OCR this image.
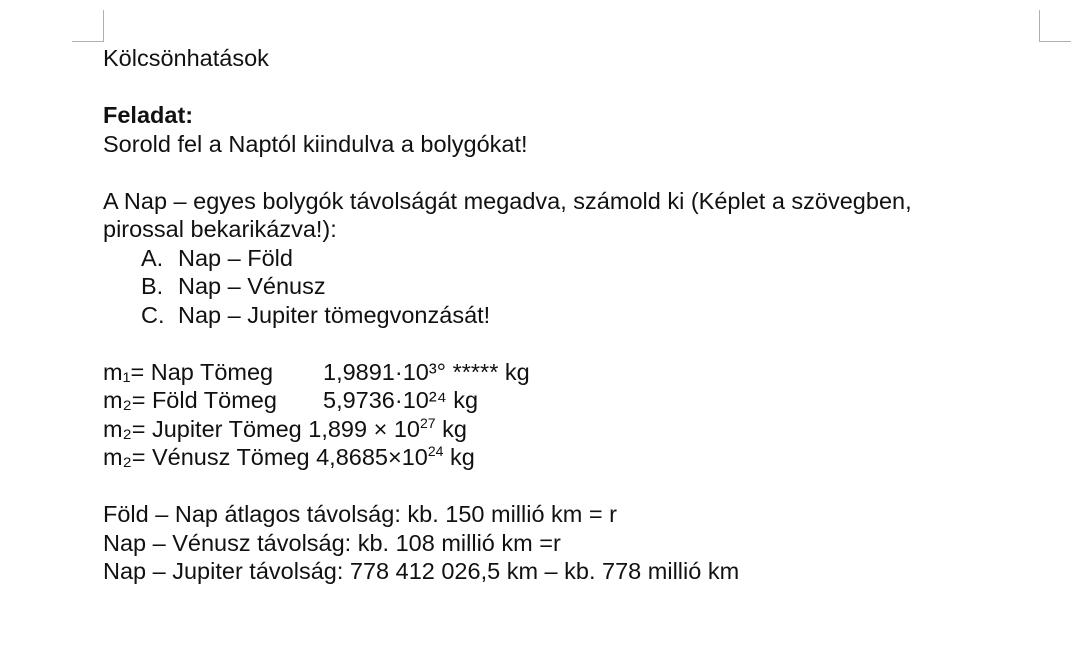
Kölcsönhatások
Feladat:
Sorold fel a Naptól kiindulva a bolygókat!
A Nap – egyes bolygók távolságát megadva, számold ki (Képlet a szövegben,
pirossal bekarikázva!):
A. Nap – Föld
B. Nap – Vénusz
C. Nap – Jupiter tömegvonzását!
m₁= Nap Tömeg 1,9891·10³° ***** kg
m₂= Föld Tömeg 5,9736·10²⁴ kg
m₂= Jupiter Tömeg $1,899 \times 10^{27}$ kg
m₂= Vénusz Tömeg $4,8685\times 10^{24}$ kg
Föld – Nap átlagos távolság: kb. 150 millió km = r
Nap – Vénusz távolság: kb. 108 millió km =r
Nap – Jupiter távolság: 778 412 026,5 km – kb. 778 millió km
